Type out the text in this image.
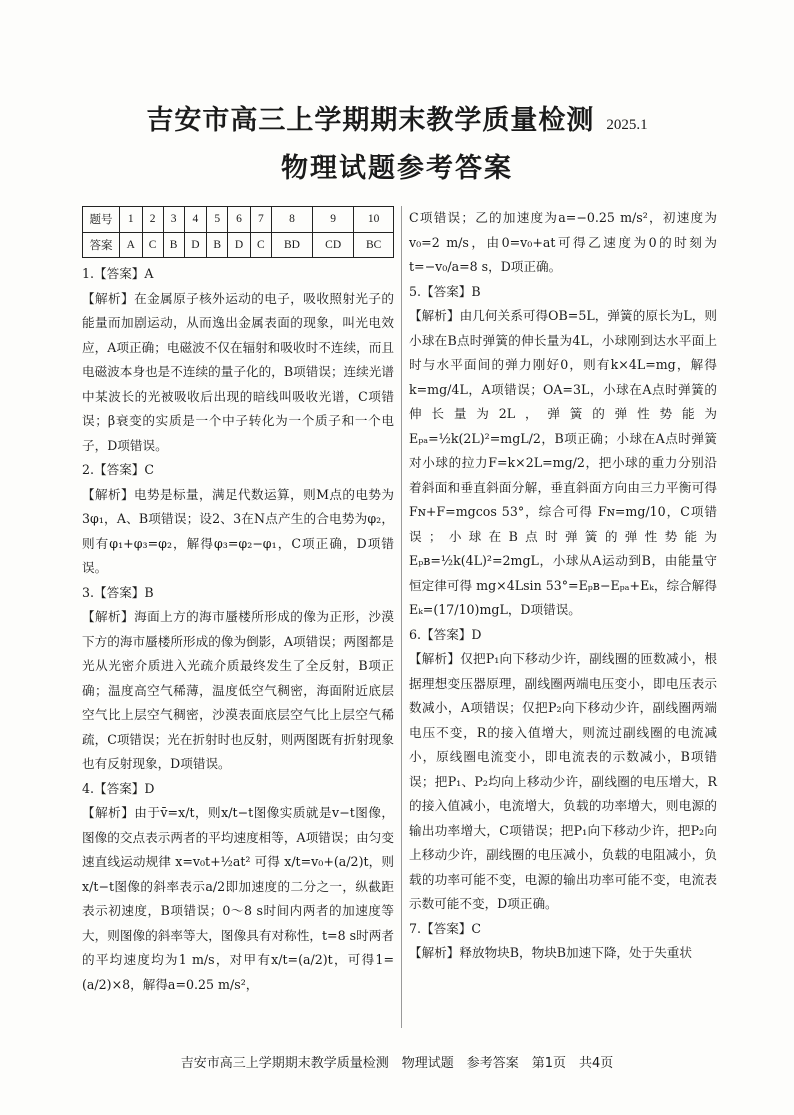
吉安市高三上学期期末教学质量检测 2025.1
物理试题参考答案
题号	1	2	3	4	5	6	7	8	9	10
答案	A	C	B	D	B	D	C	BD	CD	BC

1.【答案】A

【解析】在金属原子核外运动的电子，吸收照射光子的能量而加剧运动，从而逸出金属表面的现象，叫光电效应，A项正确；电磁波不仅在辐射和吸收时不连续，而且电磁波本身也是不连续的量子化的，B项错误；连续光谱中某波长的光被吸收后出现的暗线叫吸收光谱，C项错误；β衰变的实质是一个中子转化为一个质子和一个电子，D项错误。

2.【答案】C

【解析】电势是标量，满足代数运算，则M点的电势为3φ₁，A、B项错误；设2、3在N点产生的合电势为φ₂，则有φ₁+φ₃=φ₂，解得φ₃=φ₂−φ₁，C项正确，D项错误。

3.【答案】B

【解析】海面上方的海市蜃楼所形成的像为正形，沙漠下方的海市蜃楼所形成的像为倒影，A项错误；两图都是光从光密介质进入光疏介质最终发生了全反射，B项正确；温度高空气稀薄，温度低空气稠密，海面附近底层空气比上层空气稠密，沙漠表面底层空气比上层空气稀疏，C项错误；光在折射时也反射，则两图既有折射现象也有反射现象，D项错误。

4.【答案】D

【解析】由于v̄=x/t，则x/t−t图像实质就是v−t图像，图像的交点表示两者的平均速度相等，A项错误；由匀变速直线运动规律 x=v₀t+½at² 可得 x/t=v₀+(a/2)t，则x/t−t图像的斜率表示a/2即加速度的二分之一，纵截距表示初速度，B项错误；0～8 s时间内两者的加速度等大，则图像的斜率等大，图像具有对称性，t=8 s时两者的平均速度均为1 m/s，对甲有x/t=(a/2)t，可得1=(a/2)×8，解得a=0.25 m/s²，

C项错误；乙的加速度为a=−0.25 m/s²，初速度为v₀=2 m/s，由0=v₀+at可得乙速度为0的时刻为t=−v₀/a=8 s，D项正确。

5.【答案】B

【解析】由几何关系可得OB=5L，弹簧的原长为L，则小球在B点时弹簧的伸长量为4L，小球刚到达水平面上时与水平面间的弹力刚好0，则有k×4L=mg，解得k=mg/4L，A项错误；OA=3L，小球在A点时弹簧的伸长量为2L，弹簧的弹性势能为Eₚₐ=½k(2L)²=mgL/2，B项正确；小球在A点时弹簧对小球的拉力F=k×2L=mg/2，把小球的重力分别沿着斜面和垂直斜面分解，垂直斜面方向由三力平衡可得 Fɴ+F=mgcos 53°，综合可得 Fɴ=mg/10，C项错误；小球在B点时弹簧的弹性势能为Eₚʙ=½k(4L)²=2mgL，小球从A运动到B，由能量守恒定律可得 mg×4Lsin 53°=Eₚʙ−Eₚₐ+Eₖ，综合解得 Eₖ=(17/10)mgL，D项错误。

6.【答案】D

【解析】仅把P₁向下移动少许，副线圈的匝数减小，根据理想变压器原理，副线圈两端电压变小，即电压表示数减小，A项错误；仅把P₂向下移动少许，副线圈两端电压不变，R的接入值增大，则流过副线圈的电流减小，原线圈电流变小，即电流表的示数减小，B项错误；把P₁、P₂均向上移动少许，副线圈的电压增大，R的接入值减小，电流增大，负载的功率增大，则电源的输出功率增大，C项错误；把P₁向下移动少许，把P₂向上移动少许，副线圈的电压减小，负载的电阻减小，负载的功率可能不变，电源的输出功率可能不变，电流表示数可能不变，D项正确。

7.【答案】C

【解析】释放物块B，物块B加速下降，处于失重状

吉安市高三上学期期末教学质量检测　物理试题　参考答案　第1页　共4页
